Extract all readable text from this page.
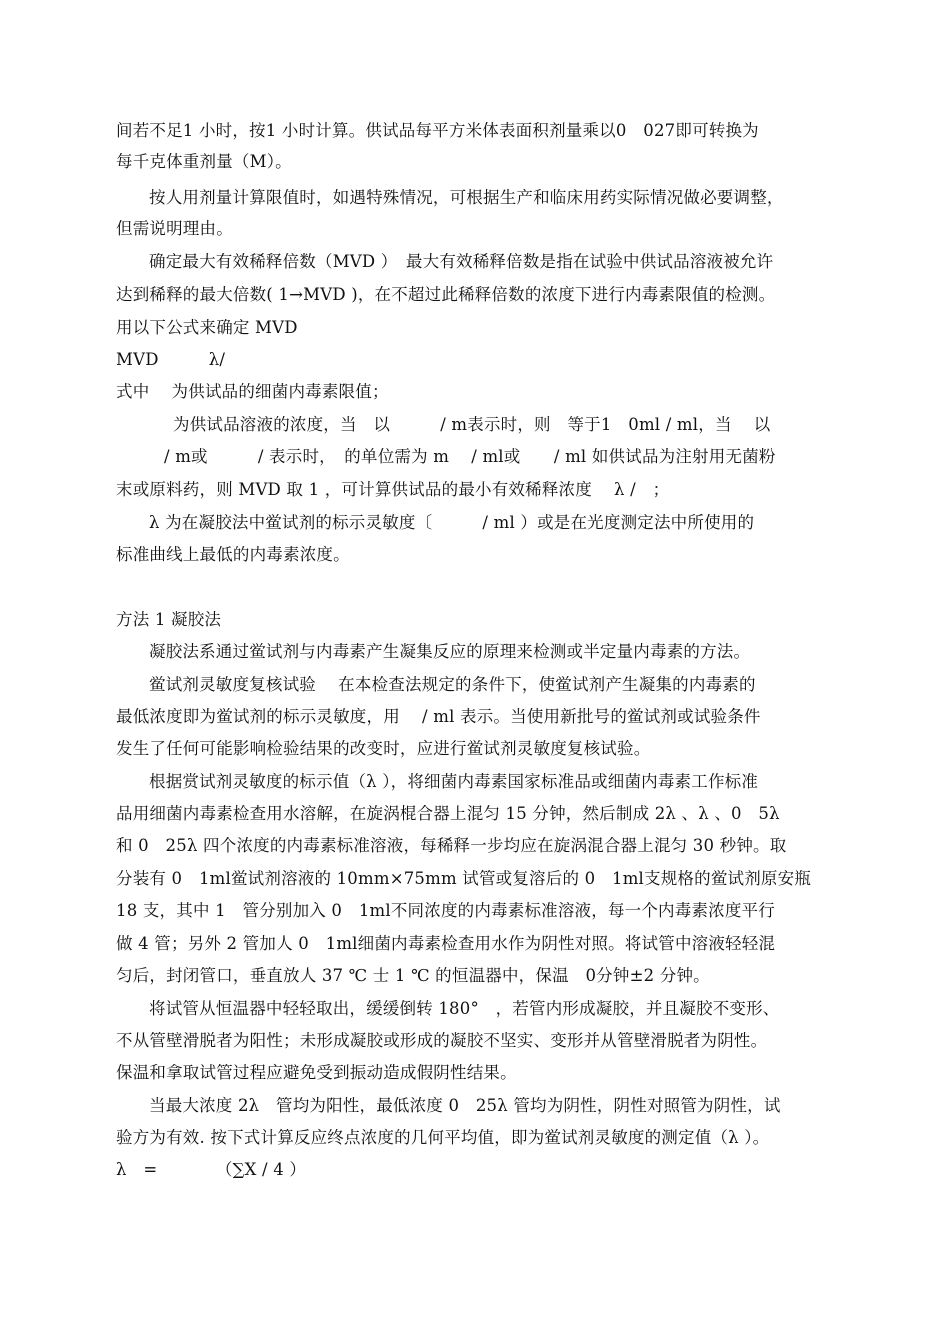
间若不足1 小时，按1 小时计算。供试品每平方米体表面积剂量乘以0　027即可转换为
每千克体重剂量（M）。
按人用剂量计算限值时，如遇特殊情况，可根据生产和临床用药实际情况做必要调整，
但需说明理由。
确定最大有效稀释倍数（MVD ）　最大有效稀释倍数是指在试验中供试品溶液被允许
达到稀释的最大倍数( 1→MVD )，在不超过此稀释倍数的浓度下进行内毒素限值的检测。
用以下公式来确定 MVD
MVD　　　λ/
式中　 为供试品的细菌内毒素限值；
为供试品溶液的浓度，当　以　　　/ m表示时，则　等于1　0ml / ml，当　 以
/ m或　　　/ 表示时，　的单位需为 m　 / ml或　　/ ml 如供试品为注射用无菌粉
末或原料药，则 MVD 取 1 ，可计算供试品的最小有效稀释浓度　 λ /　；
λ 为在凝胶法中鲎试剂的标示灵敏度〔　　　/ ml ）或是在光度测定法中所使用的
标准曲线上最低的内毒素浓度。
方法 1 凝胶法
凝胶法系通过鲎试剂与内毒素产生凝集反应的原理来检测或半定量内毒素的方法。
鲎试剂灵敏度复核试验　 在本检查法规定的条件下，使鲎试剂产生凝集的内毒素的
最低浓度即为鲎试剂的标示灵敏度，用　 / ml 表示。当使用新批号的鲎试剂或试验条件
发生了任何可能影响检验结果的改变时，应进行鲎试剂灵敏度复核试验。
根据赏试剂灵敏度的标示值（λ ），将细菌内毒素国家标准品或细菌内毒素工作标准
品用细菌内毒素检查用水溶解，在旋涡棍合器上混匀 15 分钟，然后制成 2λ 、λ 、0　5λ
和 0　25λ 四个浓度的内毒素标准溶液，每稀释一步均应在旋涡混合器上混匀 30 秒钟。取
分装有 0　1ml鲎试剂溶液的 10mm×75mm 试管或复溶后的 0　1ml支规格的鲎试剂原安瓶
18 支，其中 1　管分别加入 0　1ml不同浓度的内毒素标准溶液，每一个内毒素浓度平行
做 4 管；另外 2 管加人 0　1ml细菌内毒素检查用水作为阴性对照。将试管中溶液轻轻混
匀后，封闭管口，垂直放人 37 ℃ 士 1 ℃ 的恒温器中，保温　0分钟±2 分钟。
将试管从恒温器中轻轻取出，缓缓倒转 180°　，若管内形成凝胶，并且凝胶不变形、
不从管壁滑脱者为阳性；未形成凝胶或形成的凝胶不坚实、变形并从管壁滑脱者为阴性。
保温和拿取试管过程应避免受到振动造成假阴性结果。
当最大浓度 2λ　管均为阳性，最低浓度 0　25λ 管均为阴性，阴性对照管为阴性，试
验方为有效. 按下式计算反应终点浓度的几何平均值，即为鲎试剂灵敏度的测定值（λ ）。
λ　=　　　　（∑X / 4 ）
